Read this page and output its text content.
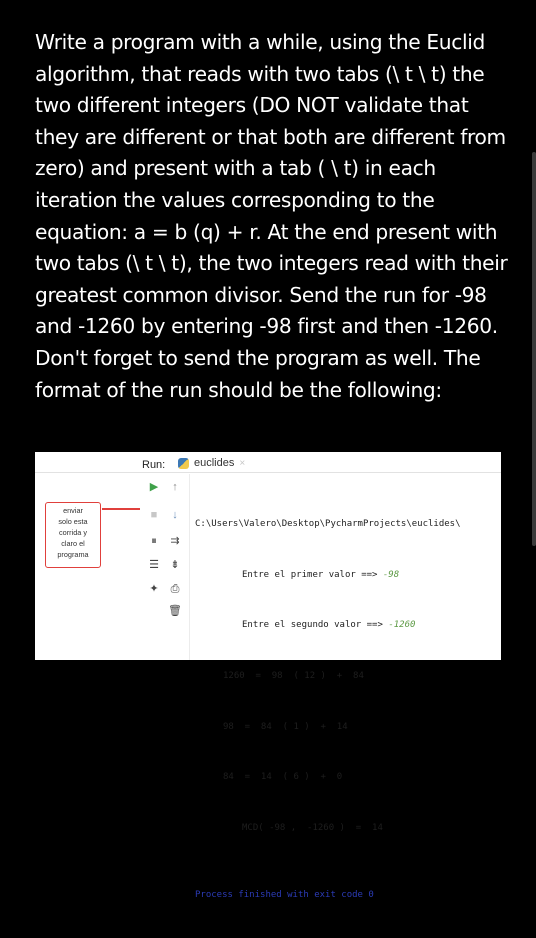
Write a program with a while, using the Euclid algorithm, that reads with two tabs (\ t \ t) the two different integers (DO NOT validate that they are different or that both are different from zero) and present with a tab ( \ t) in each iteration the values corresponding to the equation: a = b (q) + r. At the end present with two tabs (\ t \ t), the two integers read with their greatest common divisor. Send the run for -98 and -1260 by entering -98 first and then -1260. Don't forget to send the program as well. The format of the run should be the following:

Run:	euclides ×
▶	↑
■	↓
⏸	⇉
☰ ⇟
✦ ⎙
🗑

C:\Users\Valero\Desktop\PycharmProjects\euclides\

Entre el primer valor ==> -98

Entre el segundo valor ==> -1260

1260  =  98  ( 12 )  +  84

98  =  84  ( 1 )  +  14

84  =  14  ( 6 )  +  0

MCD( -98 ,  -1260 )  =  14

Process finished with exit code 0

enviar
solo esta
corrida y
claro el
programa
